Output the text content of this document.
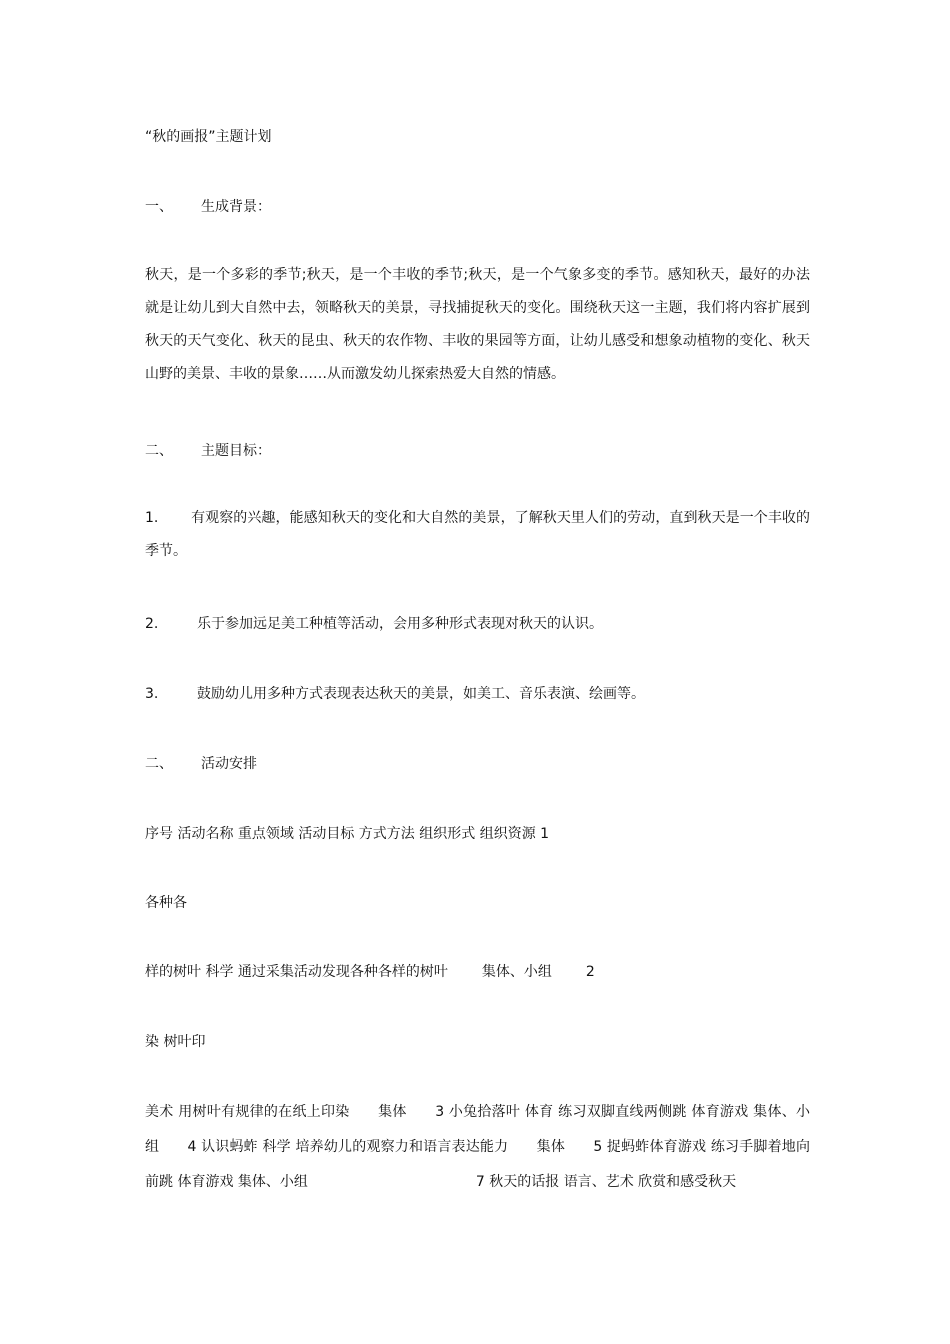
“秋的画报”主题计划
一、 生成背景：
秋天，是一个多彩的季节;秋天，是一个丰收的季节;秋天，是一个气象多变的季节。感知秋天，最好的办法就是让幼儿到大自然中去，领略秋天的美景，寻找捕捉秋天的变化。围绕秋天这一主题，我们将内容扩展到秋天的天气变化、秋天的昆虫、秋天的农作物、丰收的果园等方面，让幼儿感受和想象动植物的变化、秋天山野的美景、丰收的景象……从而激发幼儿探索热爱大自然的情感。
二、 主题目标：
1. 有观察的兴趣，能感知秋天的变化和大自然的美景，了解秋天里人们的劳动，直到秋天是一个丰收的季节。
2.	乐于参加远足美工种植等活动，会用多种形式表现对秋天的认识。
3.	鼓励幼儿用多种方式表现表达秋天的美景，如美工、音乐表演、绘画等。
二、 活动安排
序号 活动名称 重点领域 活动目标 方式方法 组织形式 组织资源 1
各种各
样的树叶 科学 通过采集活动发现各种各样的树叶 集体、小组 2
染 树叶印
美术 用树叶有规律的在纸上印染　　集体　　3 小兔拾落叶 体育 练习双脚直线两侧跳 体育游戏 集体、小组　　4 认识蚂蚱 科学 培养幼儿的观察力和语言表达能力　　集体　　5 捉蚂蚱体育游戏 练习手脚着地向前跳 体育游戏 集体、小组　　　　　　　　　　　　7 秋天的话报 语言、艺术 欣赏和感受秋天
